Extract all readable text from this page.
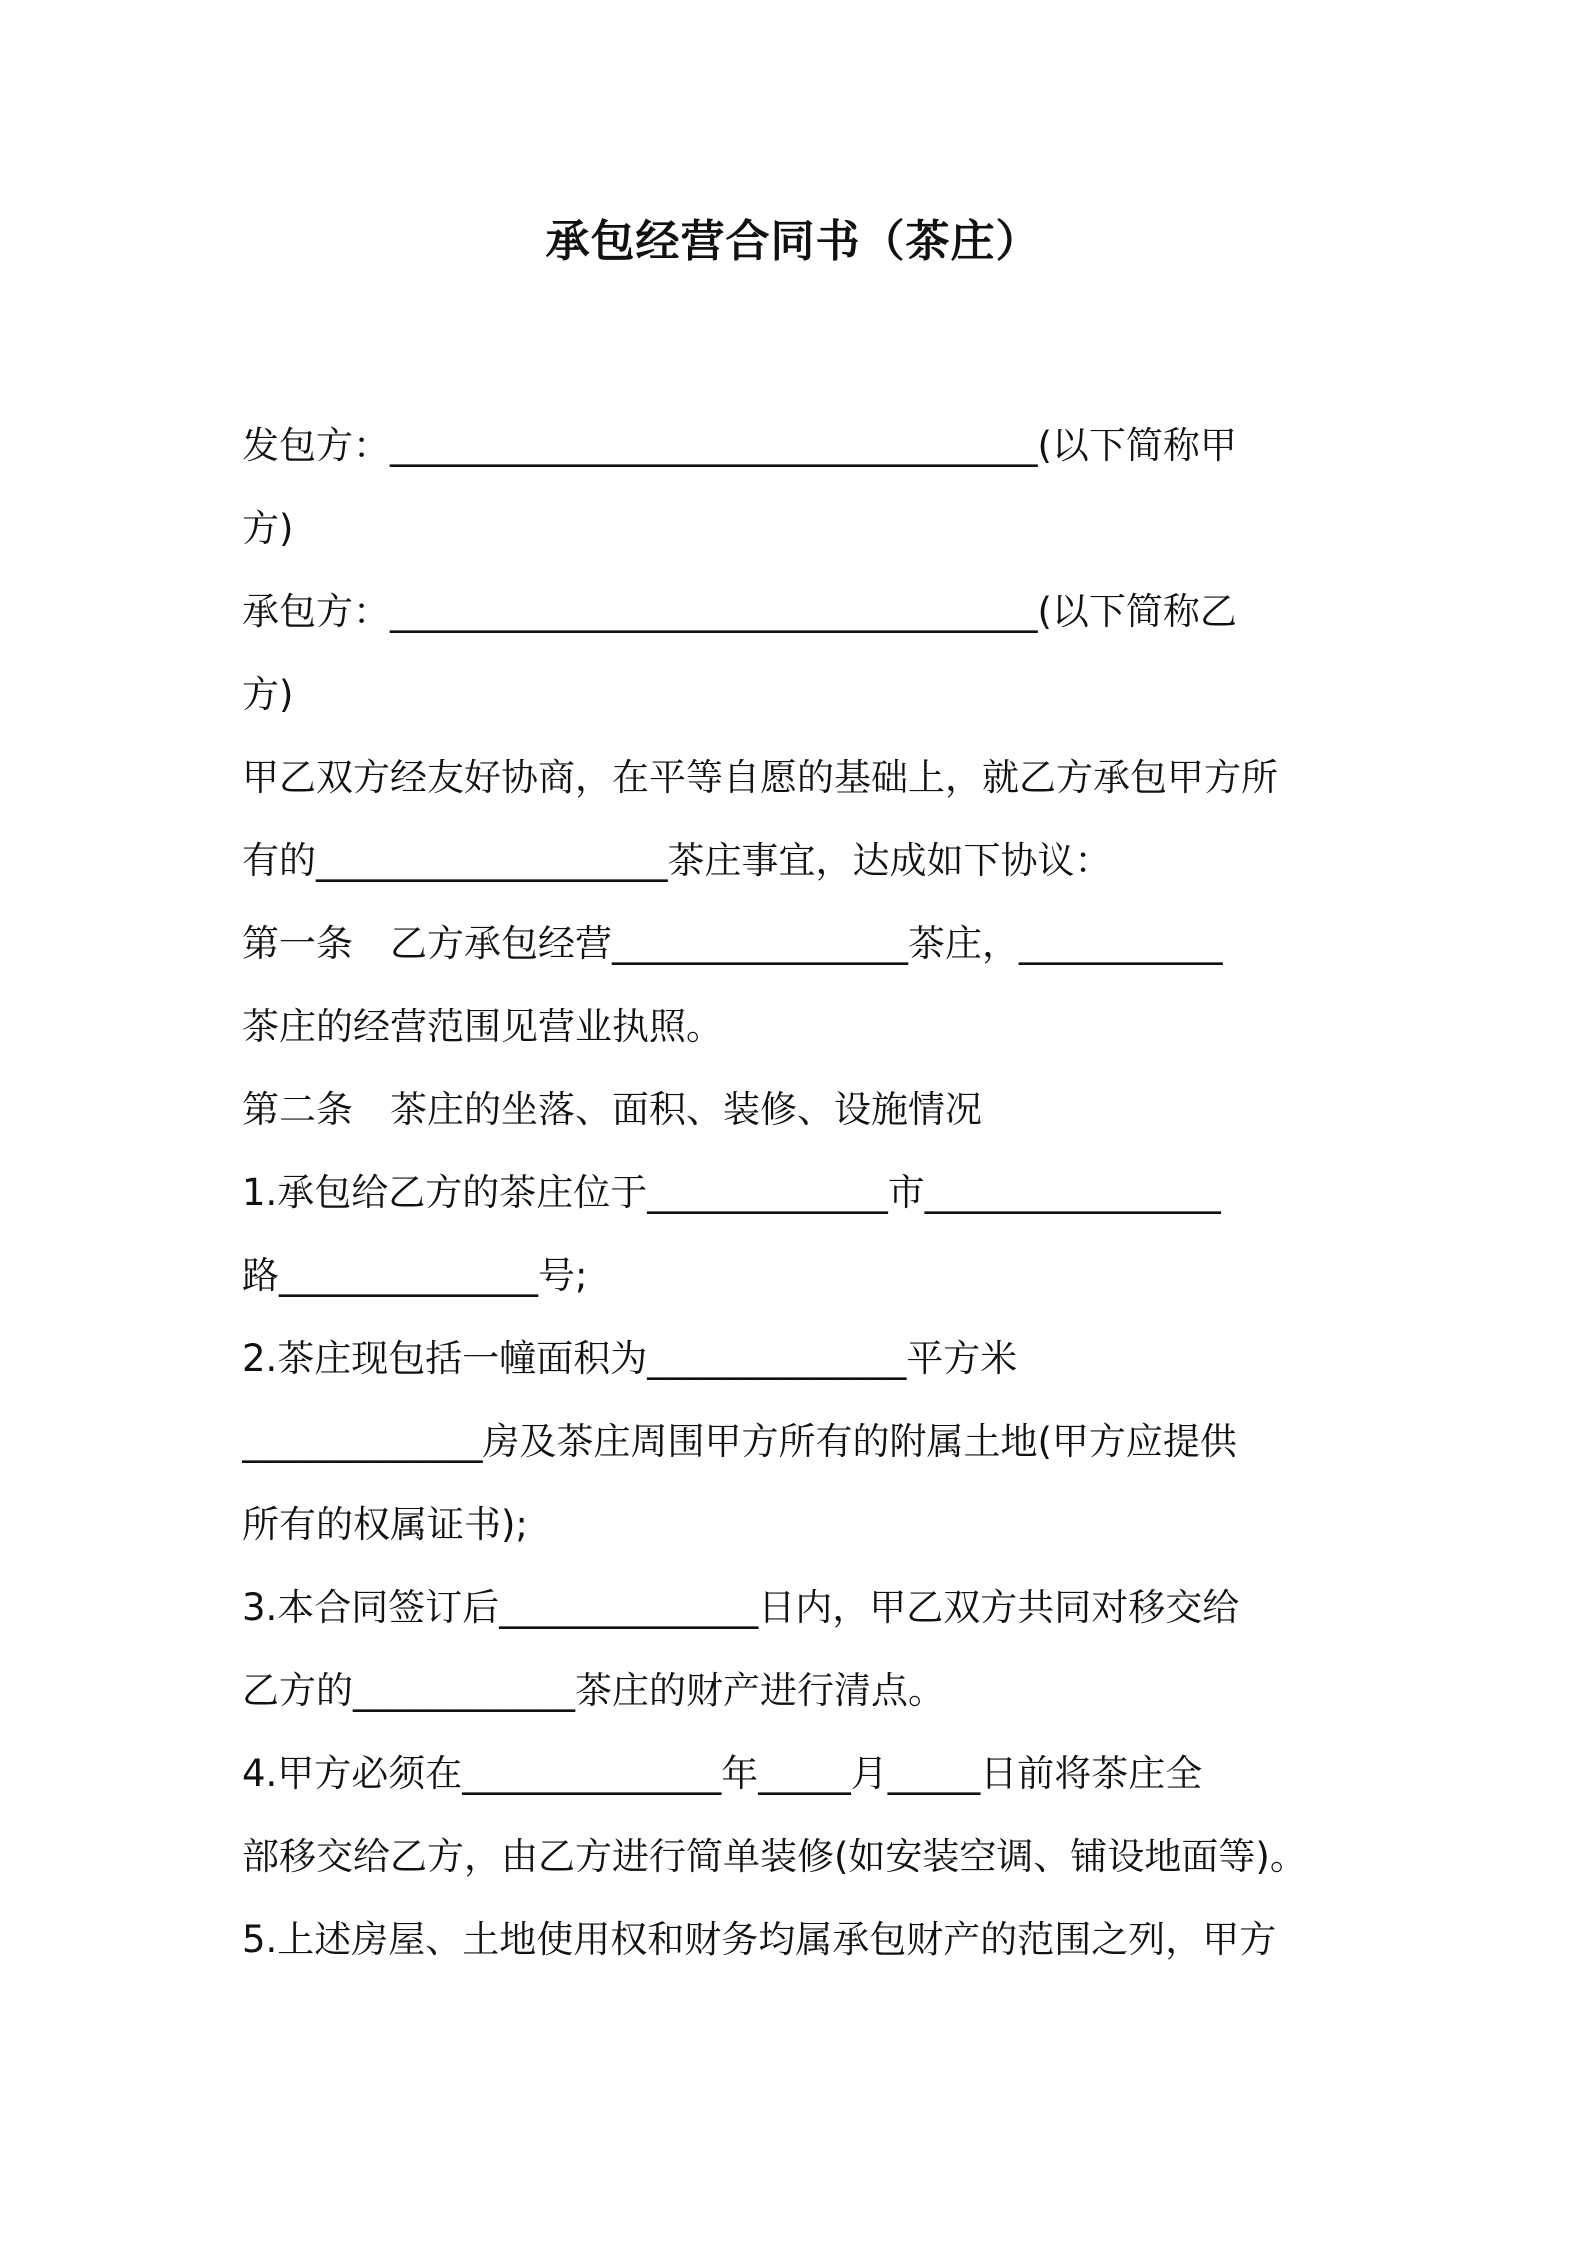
承包经营合同书（茶庄）
发包方：___________________________________(以下简称甲
方)
承包方：___________________________________(以下简称乙
方)
甲乙双方经友好协商，在平等自愿的基础上，就乙方承包甲方所
有的___________________茶庄事宜，达成如下协议：
第一条　乙方承包经营________________茶庄，___________
茶庄的经营范围见营业执照。
第二条　茶庄的坐落、面积、装修、设施情况
1.承包给乙方的茶庄位于_____________市________________
路______________号;
2.茶庄现包括一幢面积为______________平方米
_____________房及茶庄周围甲方所有的附属土地(甲方应提供
所有的权属证书);
3.本合同签订后______________日内，甲乙双方共同对移交给
乙方的____________茶庄的财产进行清点。
4.甲方必须在______________年_____月_____日前将茶庄全
部移交给乙方，由乙方进行简单装修(如安装空调、铺设地面等)。
5.上述房屋、土地使用权和财务均属承包财产的范围之列，甲方
